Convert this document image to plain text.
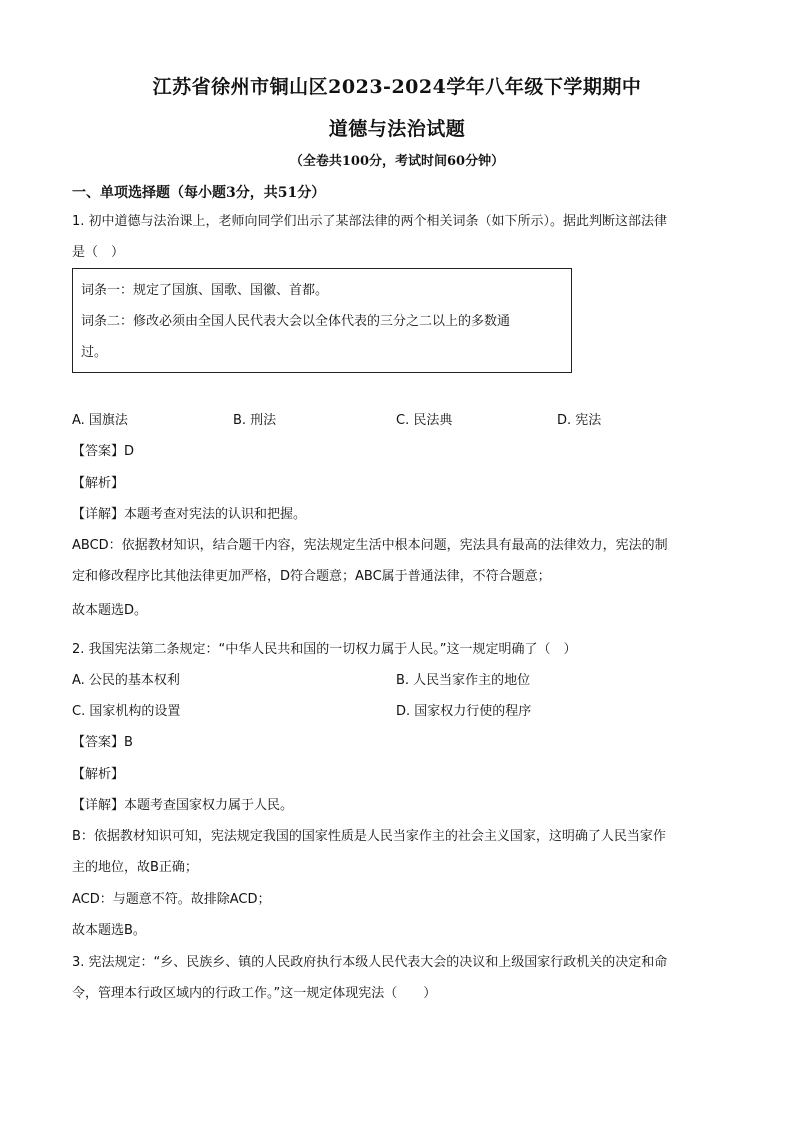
江苏省徐州市铜山区2023-2024学年八年级下学期期中
道德与法治试题
（全卷共100分，考试时间60分钟）
一、单项选择题（每小题3分，共51分）
1. 初中道德与法治课上，老师向同学们出示了某部法律的两个相关词条（如下所示）。据此判断这部法律
是（　）
词条一：规定了国旗、国歌、国徽、首都。
词条二：修改必须由全国人民代表大会以全体代表的三分之二以上的多数通
过。
A. 国旗法	B. 刑法	C. 民法典	D. 宪法
【答案】D
【解析】
【详解】本题考查对宪法的认识和把握。
ABCD：依据教材知识，结合题干内容，宪法规定生活中根本问题，宪法具有最高的法律效力，宪法的制
定和修改程序比其他法律更加严格，D符合题意；ABC属于普通法律，不符合题意；
故本题选D。
2. 我国宪法第二条规定：“中华人民共和国的一切权力属于人民。”这一规定明确了（　）
A. 公民的基本权利	B. 人民当家作主的地位
C. 国家机构的设置	D. 国家权力行使的程序
【答案】B
【解析】
【详解】本题考查国家权力属于人民。
B：依据教材知识可知，宪法规定我国的国家性质是人民当家作主的社会主义国家，这明确了人民当家作
主的地位，故B正确；
ACD：与题意不符。故排除ACD；
故本题选B。
3. 宪法规定：“乡、民族乡、镇的人民政府执行本级人民代表大会的决议和上级国家行政机关的决定和命
令，管理本行政区域内的行政工作。”这一规定体现宪法（　　）
